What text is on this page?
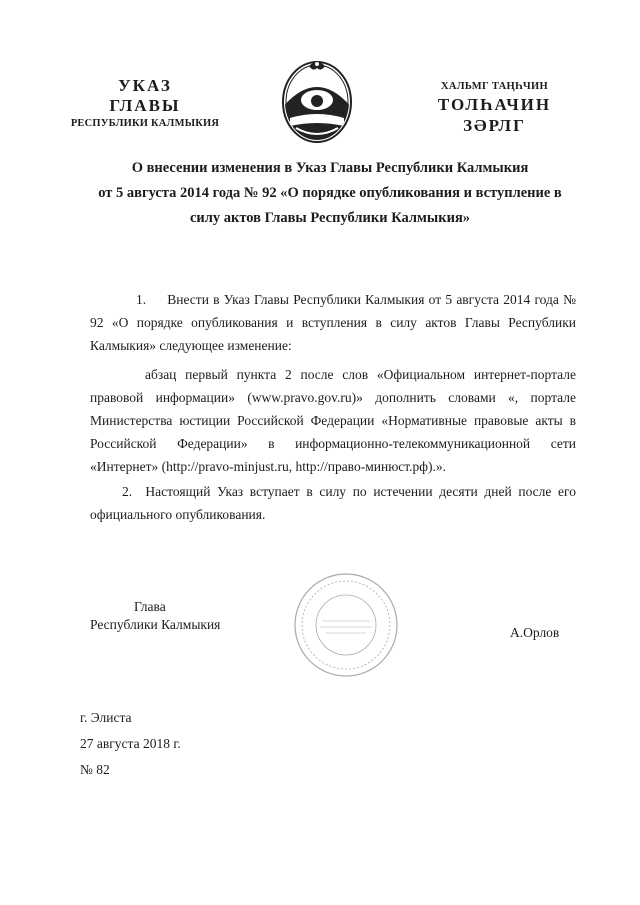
УКАЗ
ГЛАВЫ
РЕСПУБЛИКИ КАЛМЫКИЯ
ХАЛЬМГ ТАҢҺЧИН
ТОЛҺАЧИН
ЗӘРЛГ
О внесении изменения в Указ Главы Республики Калмыкия
от 5 августа 2014 года № 92 «О порядке опубликования и вступление в
силу актов Главы Республики Калмыкия»

1.     Внести в Указ Главы Республики Калмыкия от 5 августа 2014 года № 92 «О порядке опубликования и вступления в силу актов Главы Республики Калмыкия» следующее изменение:

абзац первый пункта 2 после слов «Официальном интернет-портале правовой информации» (www.pravo.gov.ru)» дополнить словами «, портале Министерства юстиции Российской Федерации «Нормативные правовые акты в Российской Федерации» в информационно-телекоммуникационной сети «Интернет» (http://pravo-minjust.ru, http://право-минюст.рф).».

2.  Настоящий Указ вступает в силу по истечении десяти дней после его официального опубликования.

Глава
Республики Калмыкия
А.Орлов
г. Элиста
27 августа 2018 г.
№ 82
